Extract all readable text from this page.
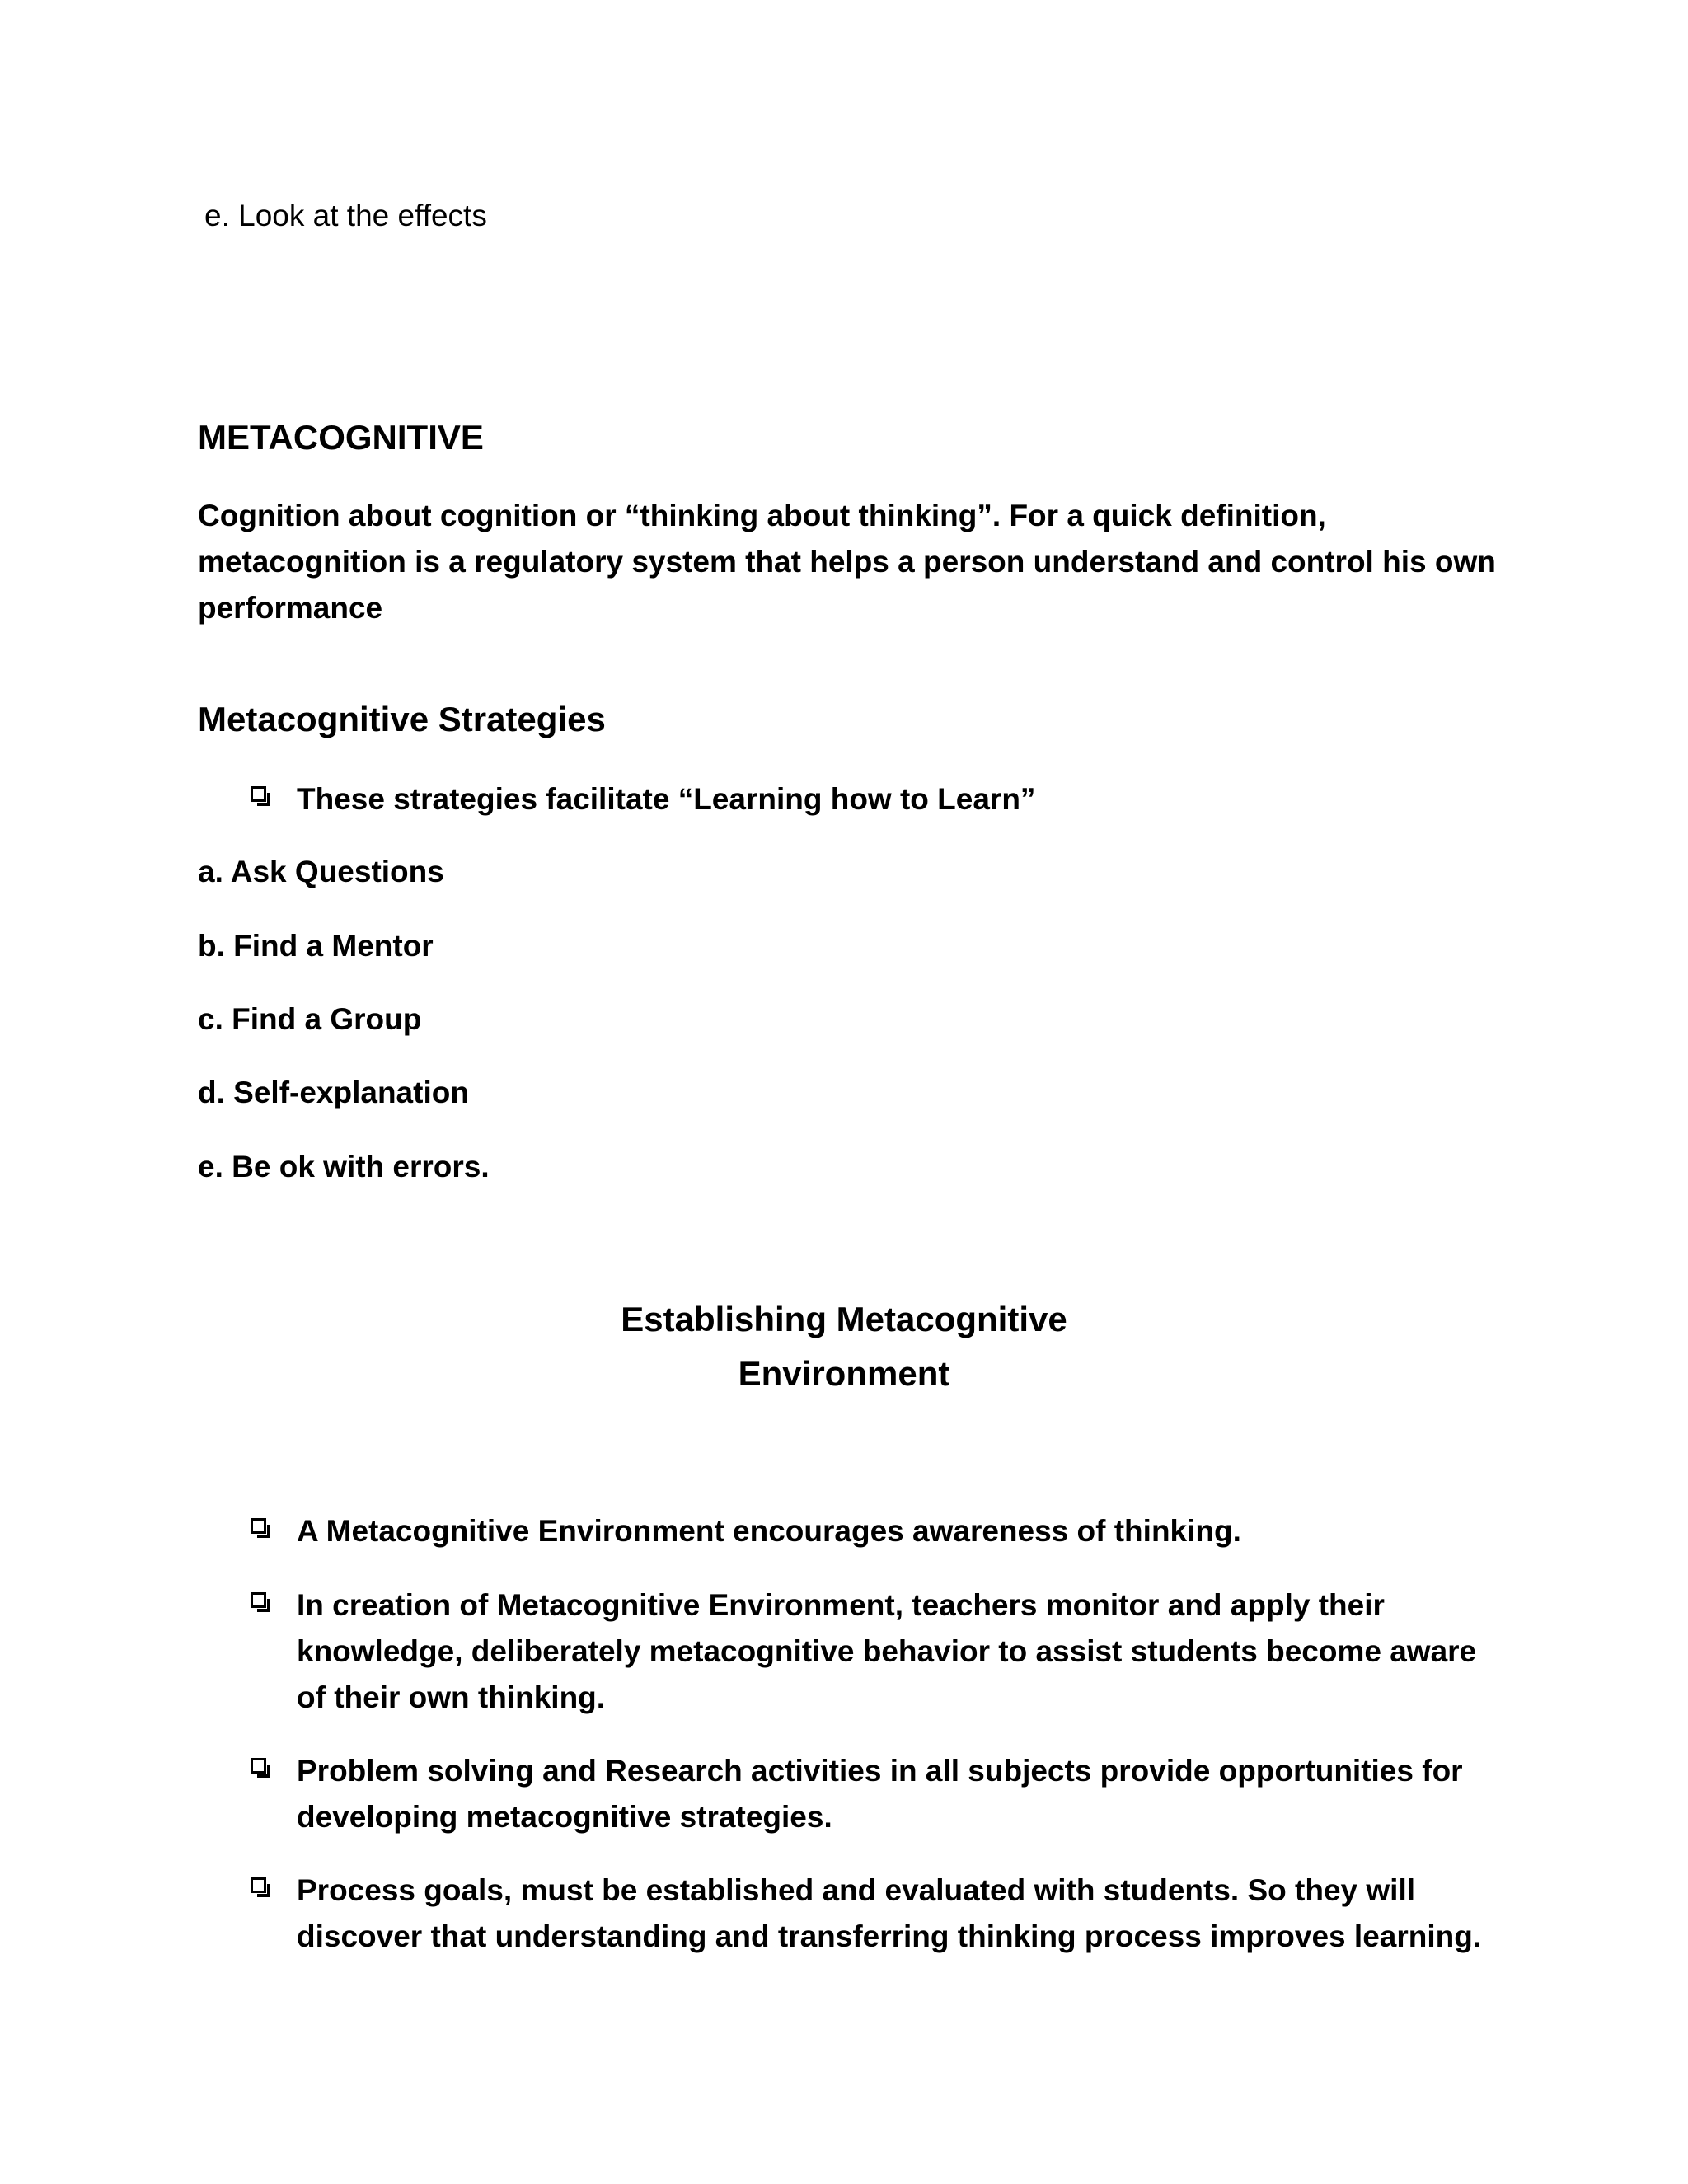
e. Look at the effects

METACOGNITIVE

Cognition about cognition or “thinking about thinking”. For a quick definition, metacognition is a regulatory system that helps a person understand and control his own performance

Metacognitive Strategies

These strategies facilitate “Learning how to Learn”

a. Ask Questions

b. Find a Mentor

c. Find a Group

d. Self-explanation

e. Be ok with errors.

Establishing Metacognitive

Environment

A Metacognitive Environment encourages awareness of thinking.

In creation of Metacognitive Environment, teachers monitor and apply their knowledge, deliberately metacognitive behavior to assist students become aware of their own thinking.

Problem solving and Research activities in all subjects provide opportunities for developing metacognitive strategies.

Process goals, must be established and evaluated with students. So they will discover that understanding and transferring thinking process improves learning.
